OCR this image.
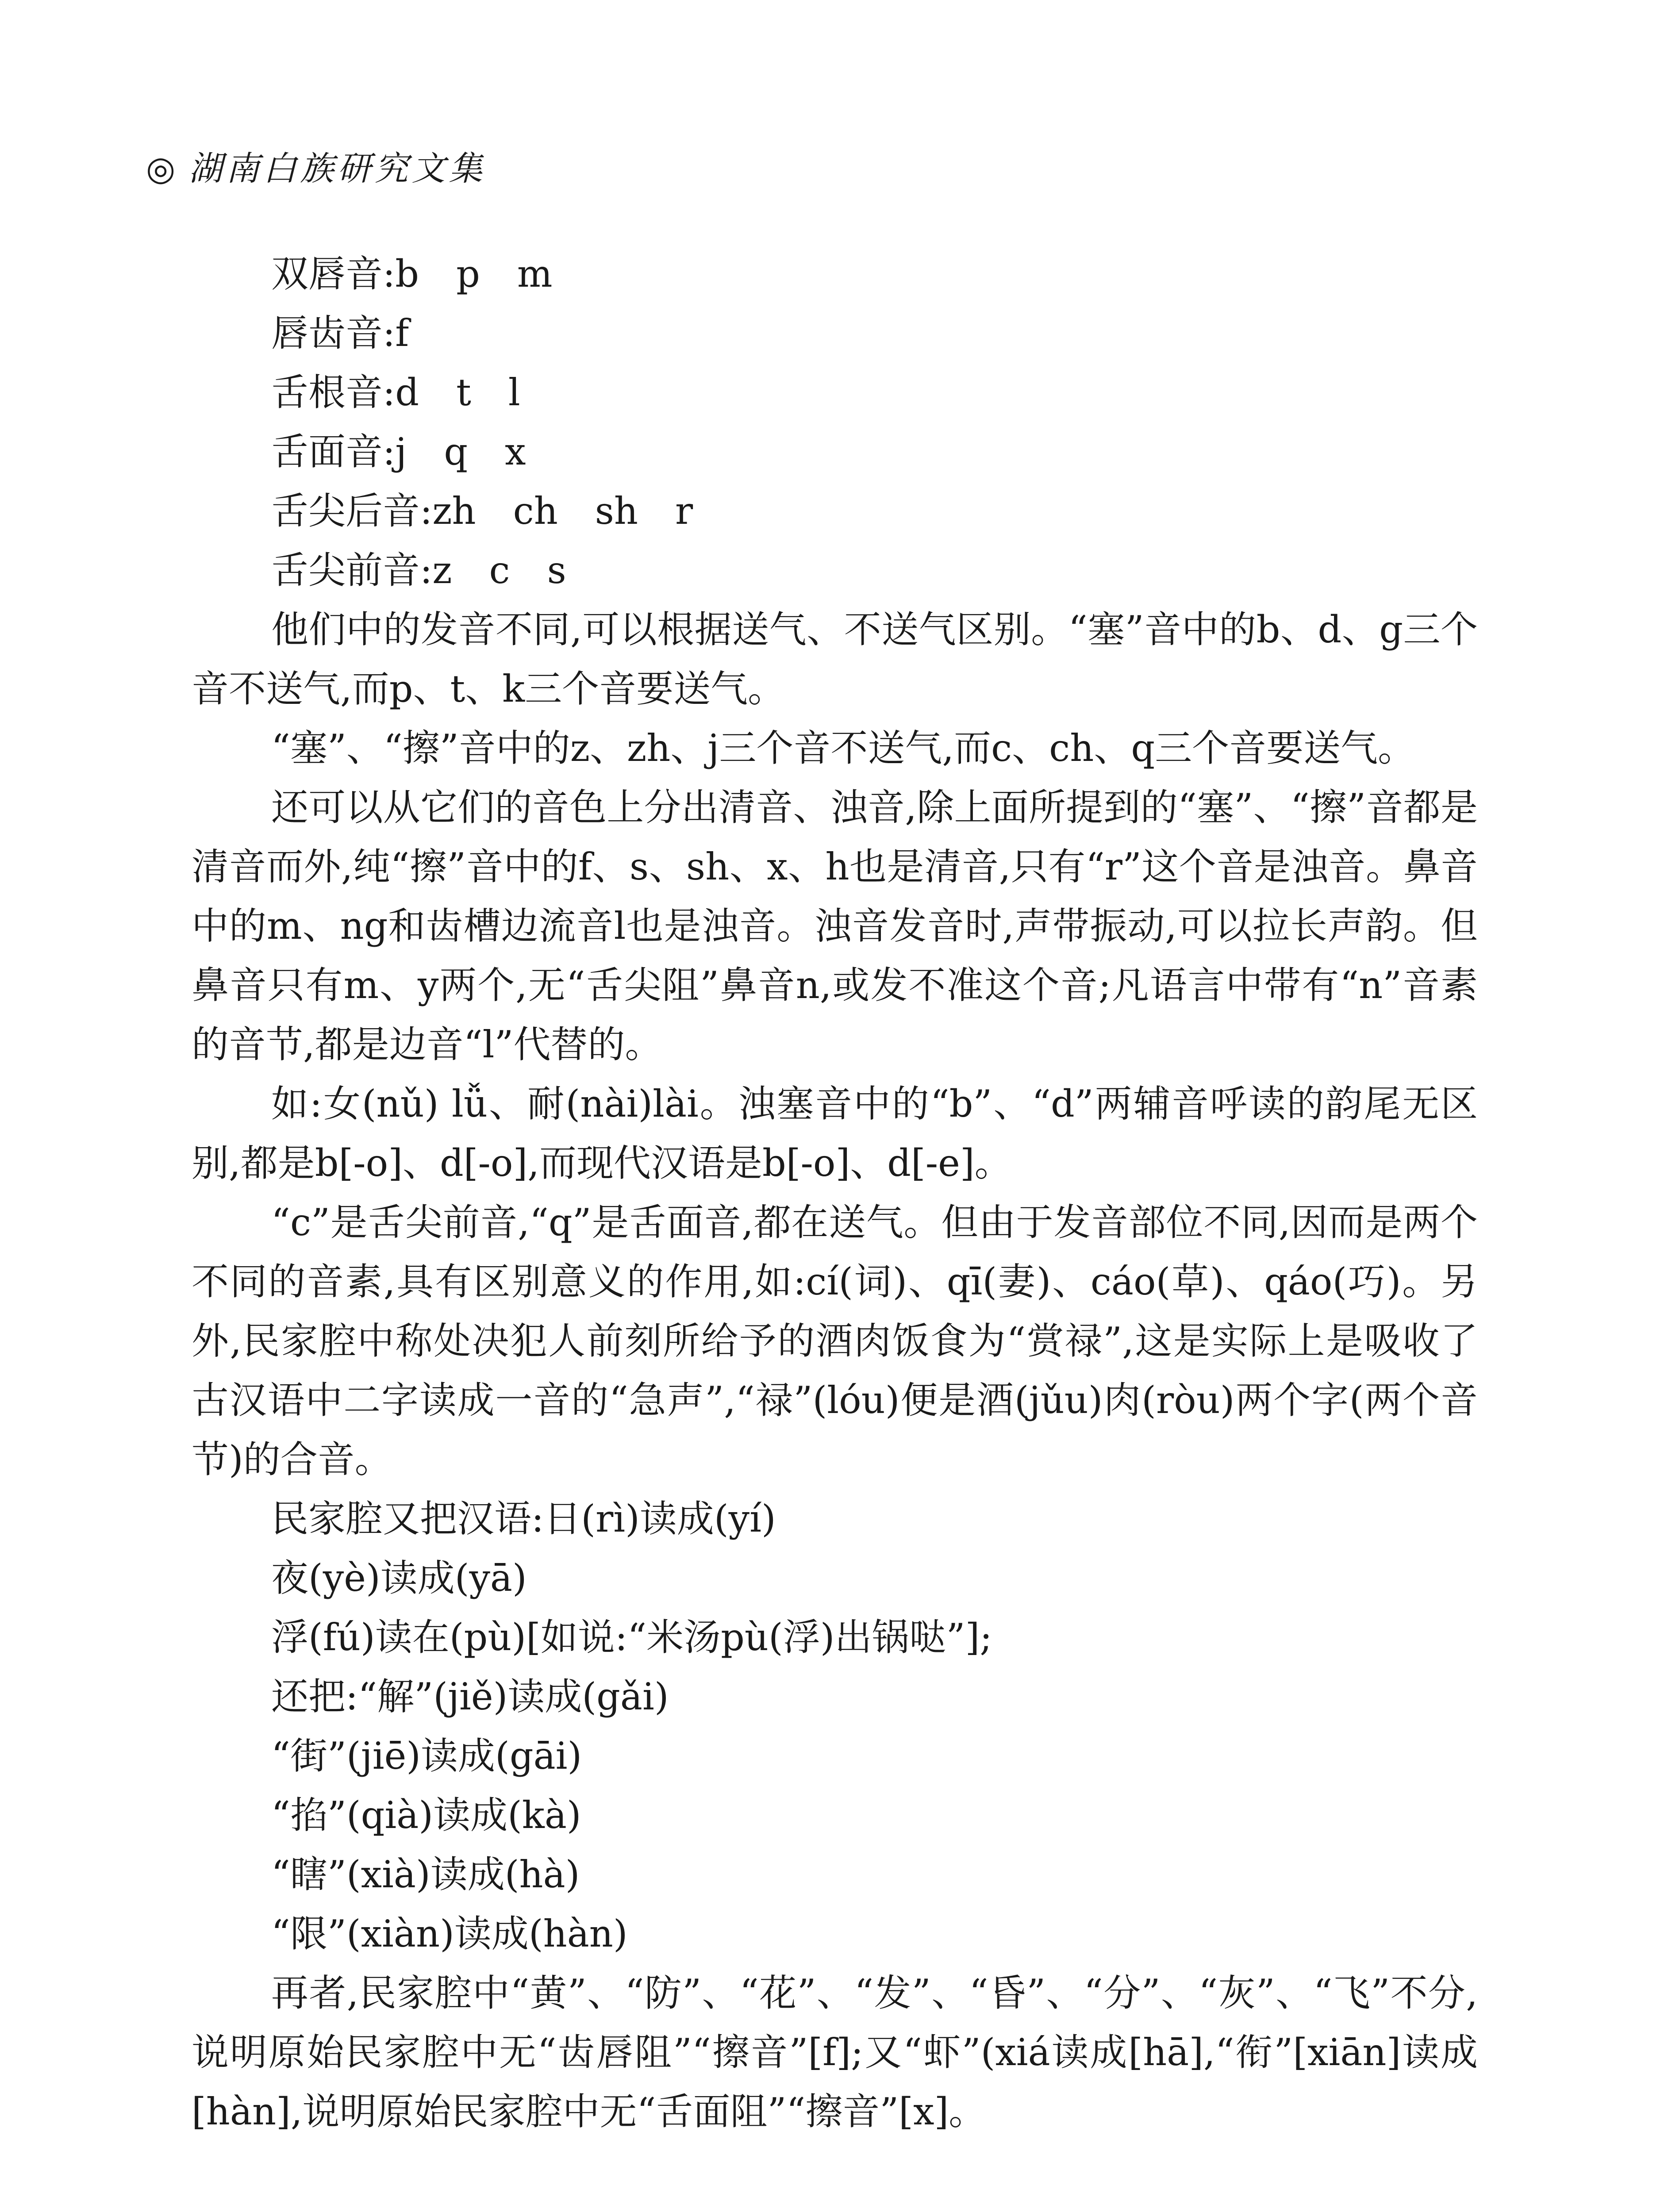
◎ 湖南白族研究文集

双唇音:b　p　m

唇齿音:f

舌根音:d　t　l

舌面音:j　q　x

舌尖后音:zh　ch　sh　r

舌尖前音:z　c　s

他们中的发音不同,可以根据送气、不送气区别。“塞”音中的b、d、g三个音不送气,而p、t、k三个音要送气。

“塞”、“擦”音中的z、zh、j三个音不送气,而c、ch、q三个音要送气。

还可以从它们的音色上分出清音、浊音,除上面所提到的“塞”、“擦”音都是清音而外,纯“擦”音中的f、s、sh、x、h也是清音,只有“r”这个音是浊音。鼻音中的m、ng和齿槽边流音l也是浊音。浊音发音时,声带振动,可以拉长声韵。但鼻音只有m、y两个,无“舌尖阻”鼻音n,或发不准这个音;凡语言中带有“n”音素的音节,都是边音“l”代替的。

如:女(nǔ) lǚ、耐(nài)lài。浊塞音中的“b”、“d”两辅音呼读的韵尾无区别,都是b[-o]、d[-o],而现代汉语是b[-o]、d[-e]。

“c”是舌尖前音,“q”是舌面音,都在送气。但由于发音部位不同,因而是两个不同的音素,具有区别意义的作用,如:cí(词)、qī(妻)、cáo(草)、qáo(巧)。另外,民家腔中称处决犯人前刻所给予的酒肉饭食为“赏禄”,这是实际上是吸收了古汉语中二字读成一音的“急声”,“禄”(lóu)便是酒(jǔu)肉(ròu)两个字(两个音节)的合音。

民家腔又把汉语:日(rì)读成(yí)

夜(yè)读成(yā)

浮(fú)读在(pù)[如说:“米汤pù(浮)出锅哒”];

还把:“解”(jiě)读成(gǎi)

“街”(jiē)读成(gāi)

“掐”(qià)读成(kà)

“瞎”(xià)读成(hà)

“限”(xiàn)读成(hàn)

再者,民家腔中“黄”、“防”、“花”、“发”、“昏”、“分”、“灰”、“飞”不分,说明原始民家腔中无“齿唇阻”“擦音”[f];又“虾”(xiá读成[hā],“衔”[xiān]读成[hàn],说明原始民家腔中无“舌面阻”“擦音”[x]。
